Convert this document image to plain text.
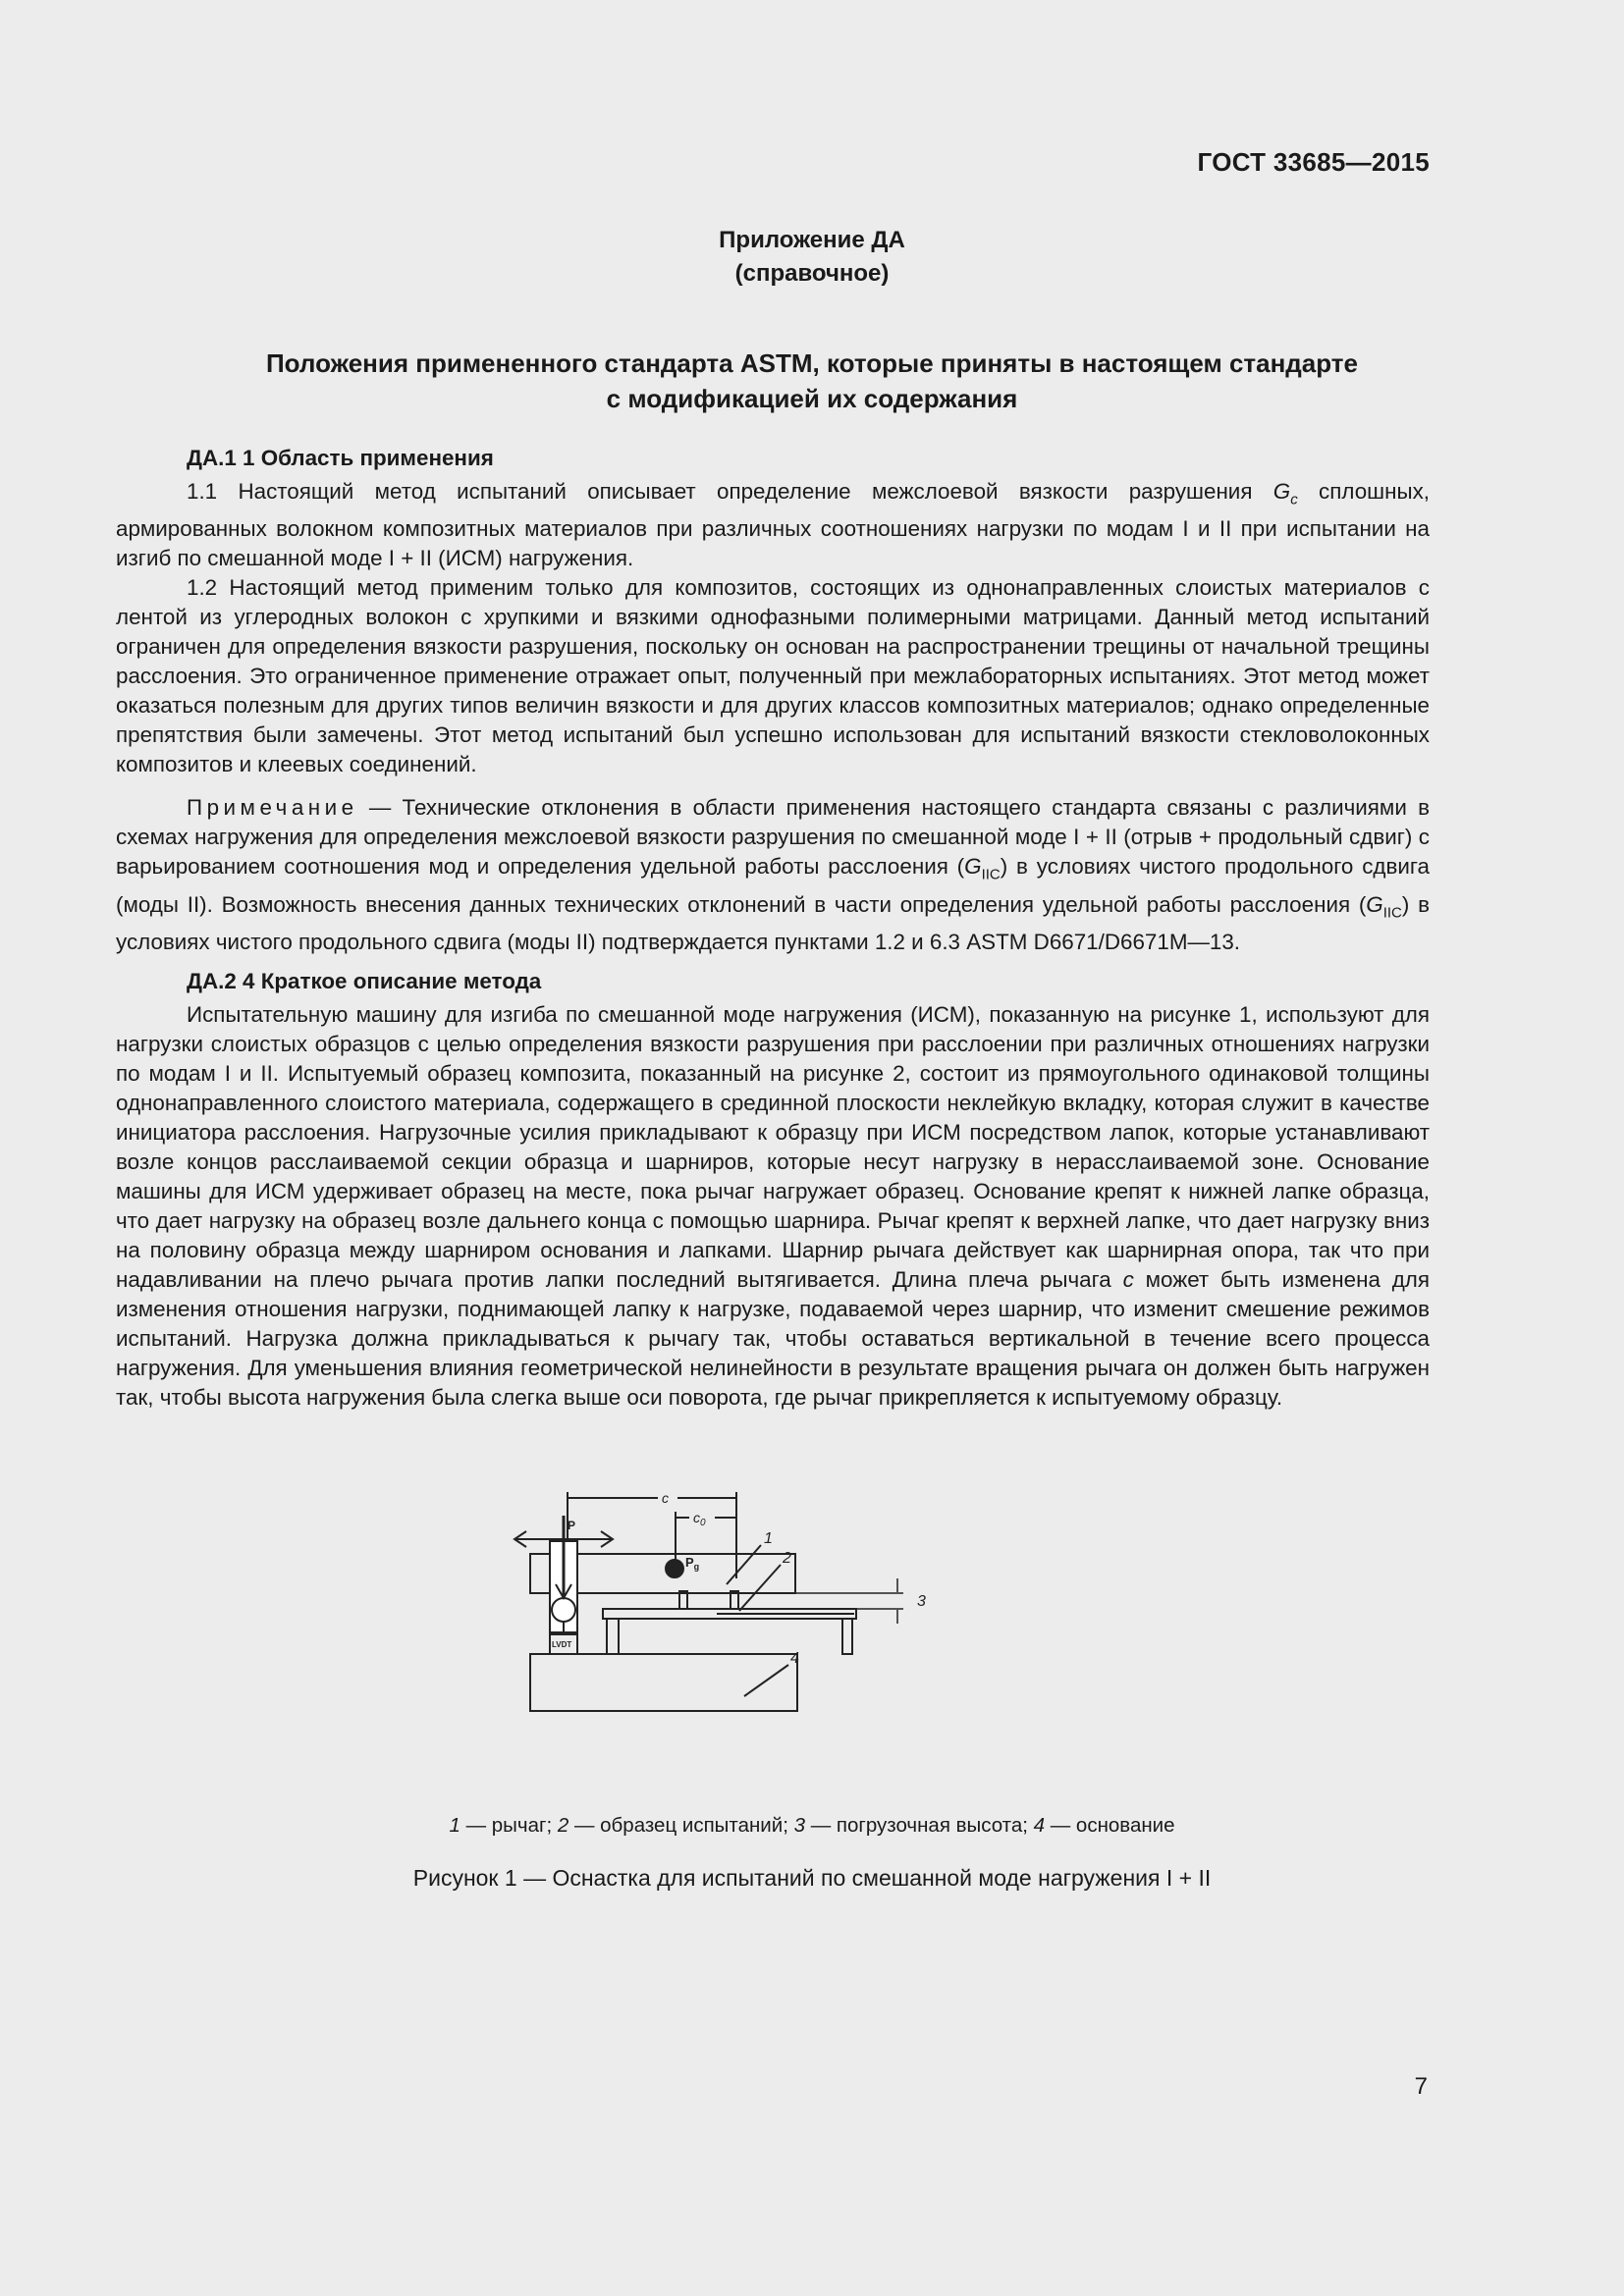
ГОСТ 33685—2015
Приложение ДА
(справочное)
Положения примененного стандарта ASTM, которые приняты в настоящем стандарте
с модификацией их содержания

ДА.1 1 Область применения

1.1 Настоящий метод испытаний описывает определение межслоевой вязкости разрушения $G_c$ сплошных, армированных волокном композитных материалов при различных соотношениях нагрузки по модам I и II при испытании на изгиб по смешанной моде I + II (ИСМ) нагружения.

1.2 Настоящий метод применим только для композитов, состоящих из однонаправленных слоистых материалов с лентой из углеродных волокон с хрупкими и вязкими однофазными полимерными матрицами. Данный метод испытаний ограничен для определения вязкости разрушения, поскольку он основан на распространении трещины от начальной трещины расслоения. Это ограниченное применение отражает опыт, полученный при межлабораторных испытаниях. Этот метод может оказаться полезным для других типов величин вязкости и для других классов композитных материалов; однако определенные препятствия были замечены. Этот метод испытаний был успешно использован для испытаний вязкости стекловолоконных композитов и клеевых соединений.

Примечание — Технические отклонения в области применения настоящего стандарта связаны с различиями в схемах нагружения для определения межслоевой вязкости разрушения по смешанной моде I + II (отрыв + продольный сдвиг) с варьированием соотношения мод и определения удельной работы расслоения $(G_{IIC})$ в условиях чистого продольного сдвига (моды II). Возможность внесения данных технических отклонений в части определения удельной работы расслоения $(G_{IIC})$ в условиях чистого продольного сдвига (моды II) подтверждается пунктами 1.2 и 6.3 ASTM D6671/D6671M—13.

ДА.2 4 Краткое описание метода

Испытательную машину для изгиба по смешанной моде нагружения (ИСМ), показанную на рисунке 1, используют для нагрузки слоистых образцов с целью определения вязкости разрушения при расслоении при различных отношениях нагрузки по модам I и II. Испытуемый образец композита, показанный на рисунке 2, состоит из прямоугольного одинаковой толщины однонаправленного слоистого материала, содержащего в срединной плоскости неклейкую вкладку, которая служит в качестве инициатора расслоения. Нагрузочные усилия прикладывают к образцу при ИСМ посредством лапок, которые устанавливают возле концов расслаиваемой секции образца и шарниров, которые несут нагрузку в нерасслаиваемой зоне. Основание машины для ИСМ удерживает образец на месте, пока рычаг нагружает образец. Основание крепят к нижней лапке образца, что дает нагрузку на образец возле дальнего конца с помощью шарнира. Рычаг крепят к верхней лапке, что дает нагрузку вниз на половину образца между шарниром основания и лапками. Шарнир рычага действует как шарнирная опора, так что при надавливании на плечо рычага против лапки последний вытягивается. Длина плеча рычага c может быть изменена для изменения отношения нагрузки, поднимающей лапку к нагрузке, подаваемой через шарнир, что изменит смешение режимов испытаний. Нагрузка должна прикладываться к рычагу так, чтобы оставаться вертикальной в течение всего процесса нагружения. Для уменьшения влияния геометрической нелинейности в результате вращения рычага он должен быть нагружен так, чтобы высота нагружения была слегка выше оси поворота, где рычаг прикрепляется к испытуемому образцу.

c
$c_0$
P
$P_g$
LVDT
1
2
3
4
1 — рычаг; 2 — образец испытаний; 3 — погрузочная высота; 4 — основание
Рисунок 1 — Оснастка для испытаний по смешанной моде нагружения I + II
7
